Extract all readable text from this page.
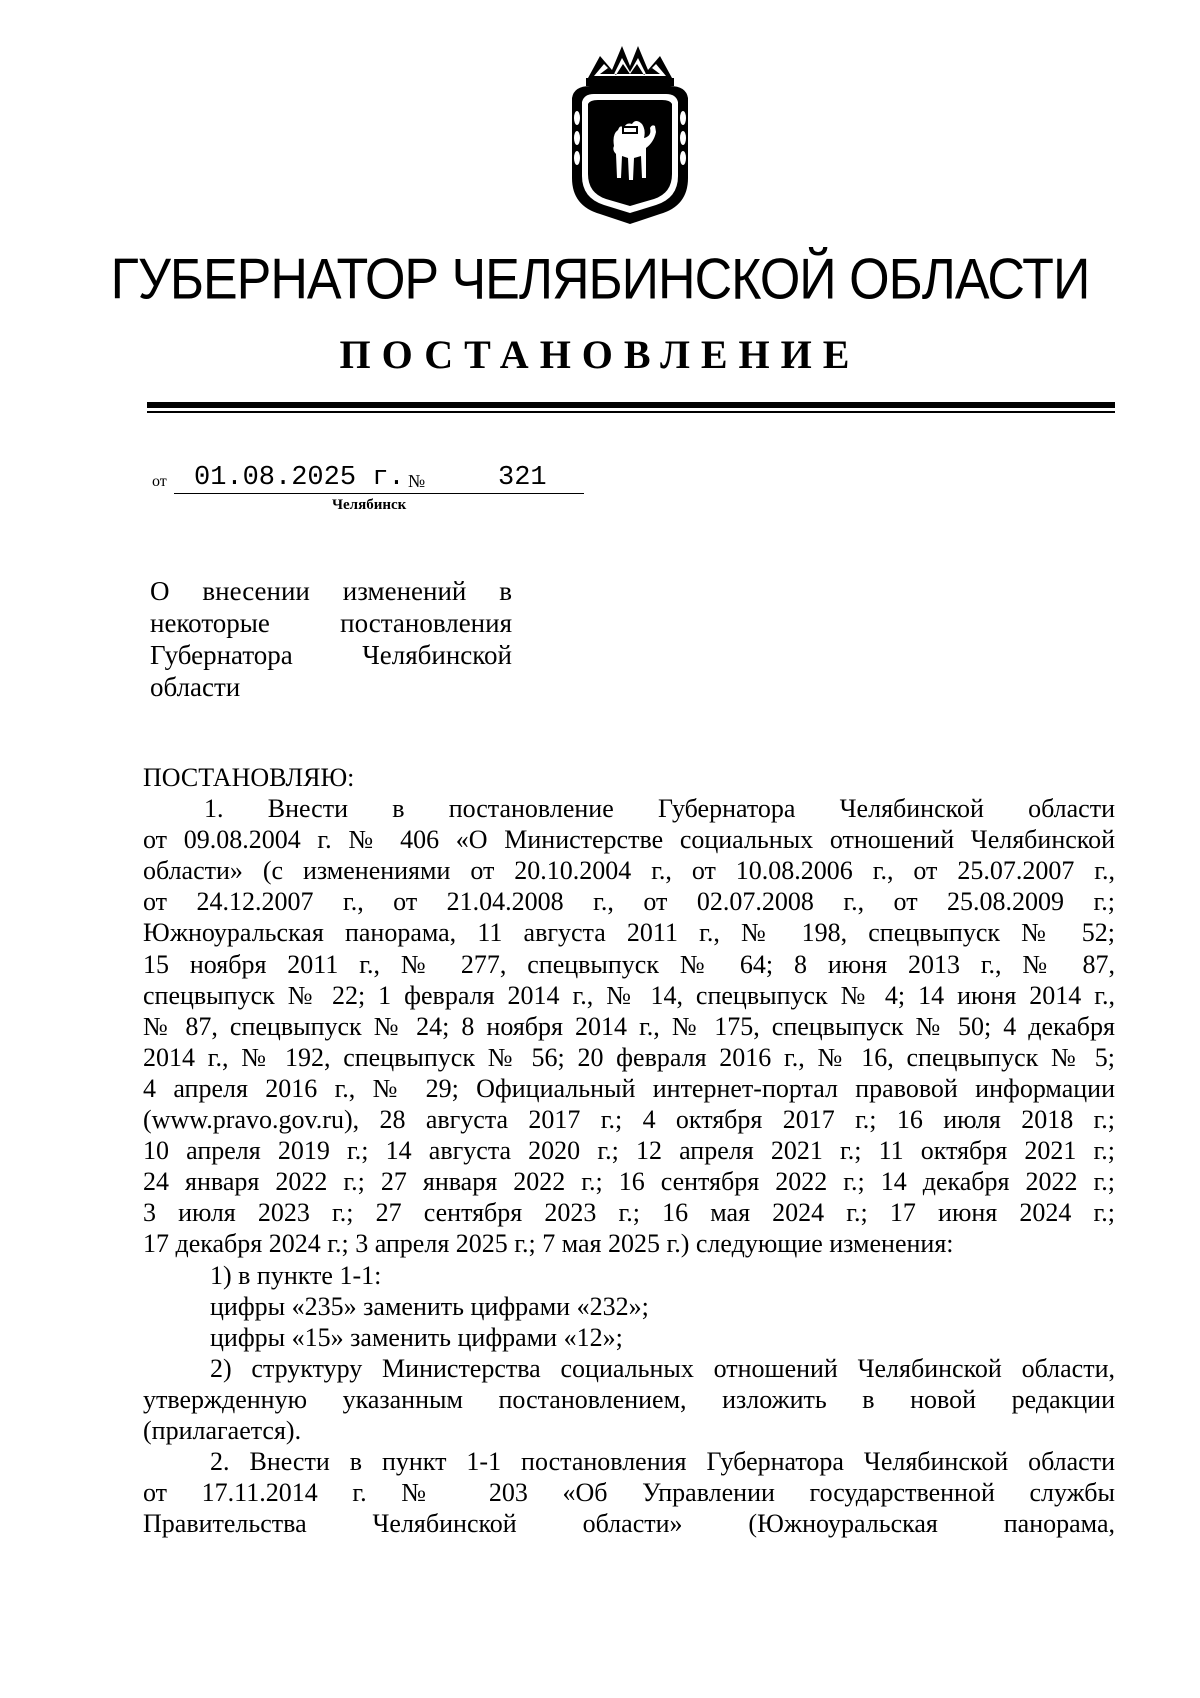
ГУБЕРНАТОР ЧЕЛЯБИНСКОЙ ОБЛАСТИ
ПОСТАНОВЛЕНИЕ
от	01.08.2025 г. №	321
Челябинск
О внесении изменений в
некоторые постановления
Губернатора Челябинской
области
ПОСТАНОВЛЯЮ:
1. Внести в постановление Губернатора Челябинской области
от 09.08.2004 г. № 406 «О Министерстве социальных отношений Челябинской
области» (с изменениями от 20.10.2004 г., от 10.08.2006 г., от 25.07.2007 г.,
от 24.12.2007 г., от 21.04.2008 г., от 02.07.2008 г., от 25.08.2009 г.;
Южноуральская панорама, 11 августа 2011 г., № 198, спецвыпуск № 52;
15 ноября 2011 г., № 277, спецвыпуск № 64; 8 июня 2013 г., № 87,
спецвыпуск № 22; 1 февраля 2014 г., № 14, спецвыпуск № 4; 14 июня 2014 г.,
№ 87, спецвыпуск № 24; 8 ноября 2014 г., № 175, спецвыпуск № 50; 4 декабря
2014 г., № 192, спецвыпуск № 56; 20 февраля 2016 г., № 16, спецвыпуск № 5;
4 апреля 2016 г., № 29; Официальный интернет-портал правовой информации
(www.pravo.gov.ru), 28 августа 2017 г.; 4 октября 2017 г.; 16 июля 2018 г.;
10 апреля 2019 г.; 14 августа 2020 г.; 12 апреля 2021 г.; 11 октября 2021 г.;
24 января 2022 г.; 27 января 2022 г.; 16 сентября 2022 г.; 14 декабря 2022 г.;
3 июля 2023 г.; 27 сентября 2023 г.; 16 мая 2024 г.; 17 июня 2024 г.;
17 декабря 2024 г.; 3 апреля 2025 г.; 7 мая 2025 г.) следующие изменения:
1) в пункте 1-1:
цифры «235» заменить цифрами «232»;
цифры «15» заменить цифрами «12»;
2) структуру Министерства социальных отношений Челябинской области,
утвержденную указанным постановлением, изложить в новой редакции
(прилагается).
2. Внести в пункт 1-1 постановления Губернатора Челябинской области
от 17.11.2014 г. № 203 «Об Управлении государственной службы
Правительства Челябинской области» (Южноуральская панорама,
